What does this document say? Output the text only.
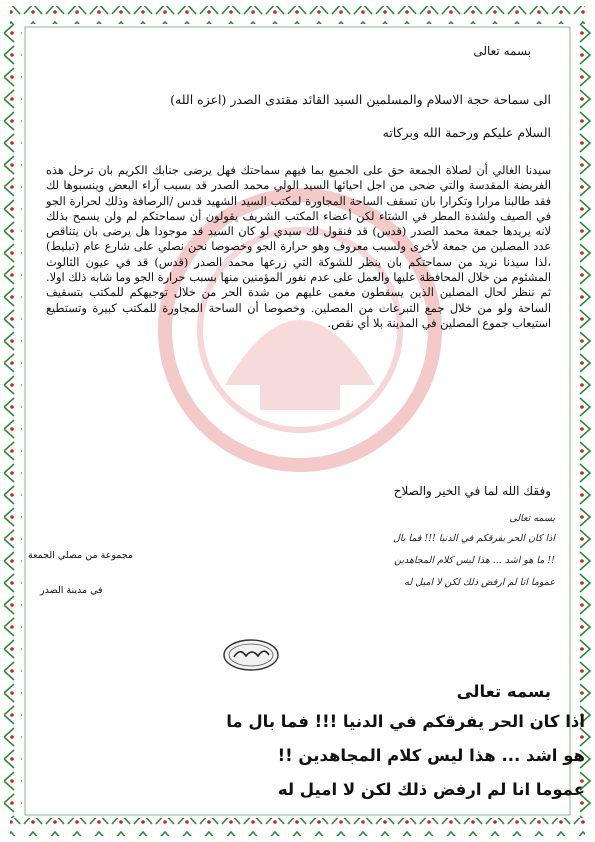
بسمه تعالى

الى سماحة حجة الاسلام والمسلمين السيد القائد مقتدى الصدر (اعزه الله)

السلام عليكم ورحمة الله وبركاته

سيدنا الغالي أن لصلاة الجمعة حق على الجميع بما فيهم سماحتك فهل يرضى جنابك الكريم بان ترحل هذه الفريضة المقدسة والتي ضحى من اجل احيائها السيد الولي محمد الصدر قد بسبب آراء البعض وينسبوها لك فقد طالبنا مرارا وتكرارا بان تسقف الساحة المجاورة لمكتب السيد الشهيد قدس /الرصافة وذلك لحرارة الجو في الصيف ولشدة المطر في الشتاء لكن أعضاء المكتب الشريف يقولون أن سماحتكم لم ولن يسمح بذلك لانه يريدها جمعة محمد الصدر (قدس) قد فنقول لك سيدي لو كان السيد قد موجودا هل يرضى بان يتناقص عدد المصلين من جمعة لأخرى ولسبب معروف وهو حرارة الجو وخصوصا نحن نصلي على شارع عام (تبليط) ،لذا سيدنا نريد من سماحتكم بان ينظر للشوكة التي زرعها محمد الصدر (قدس) قد في عيون الثالوث المشئوم من خلال المحافظة عليها والعمل على عدم نفور المؤمنين منها بسبب حرارة الجو وما شابه ذلك اولا. ثم ننظر لحال المصلين الذين يسقطون مغمى عليهم من شدة الحر من خلال توجيهكم للمكتب بتسقيف الساحة ولو من خلال جمع التبرعات من المصلين. وخصوصا أن الساحة المجاورة للمكتب كبيرة وتستطيع استيعاب جموع المصلين في المدينة بلا أي نقص.

وفقك الله لما في الخير والصلاح

بسمه تعالى
اذا كان الحر يفرقكم في الدنيا !!! فما بال
ما هو اشد ... هذا ليس كلام المجاهدين !!
عموما انا لم ارفض ذلك لكن لا اميل له
مجموعة من مصلي الجمعة
في مدينة الصدر
بسمه تعالى
اذا كان الحر يفرقكم في الدنيا !!! فما بال ما
هو اشد ... هذا ليس كلام المجاهدين !!
عموما انا لم ارفض ذلك لكن لا اميل له
